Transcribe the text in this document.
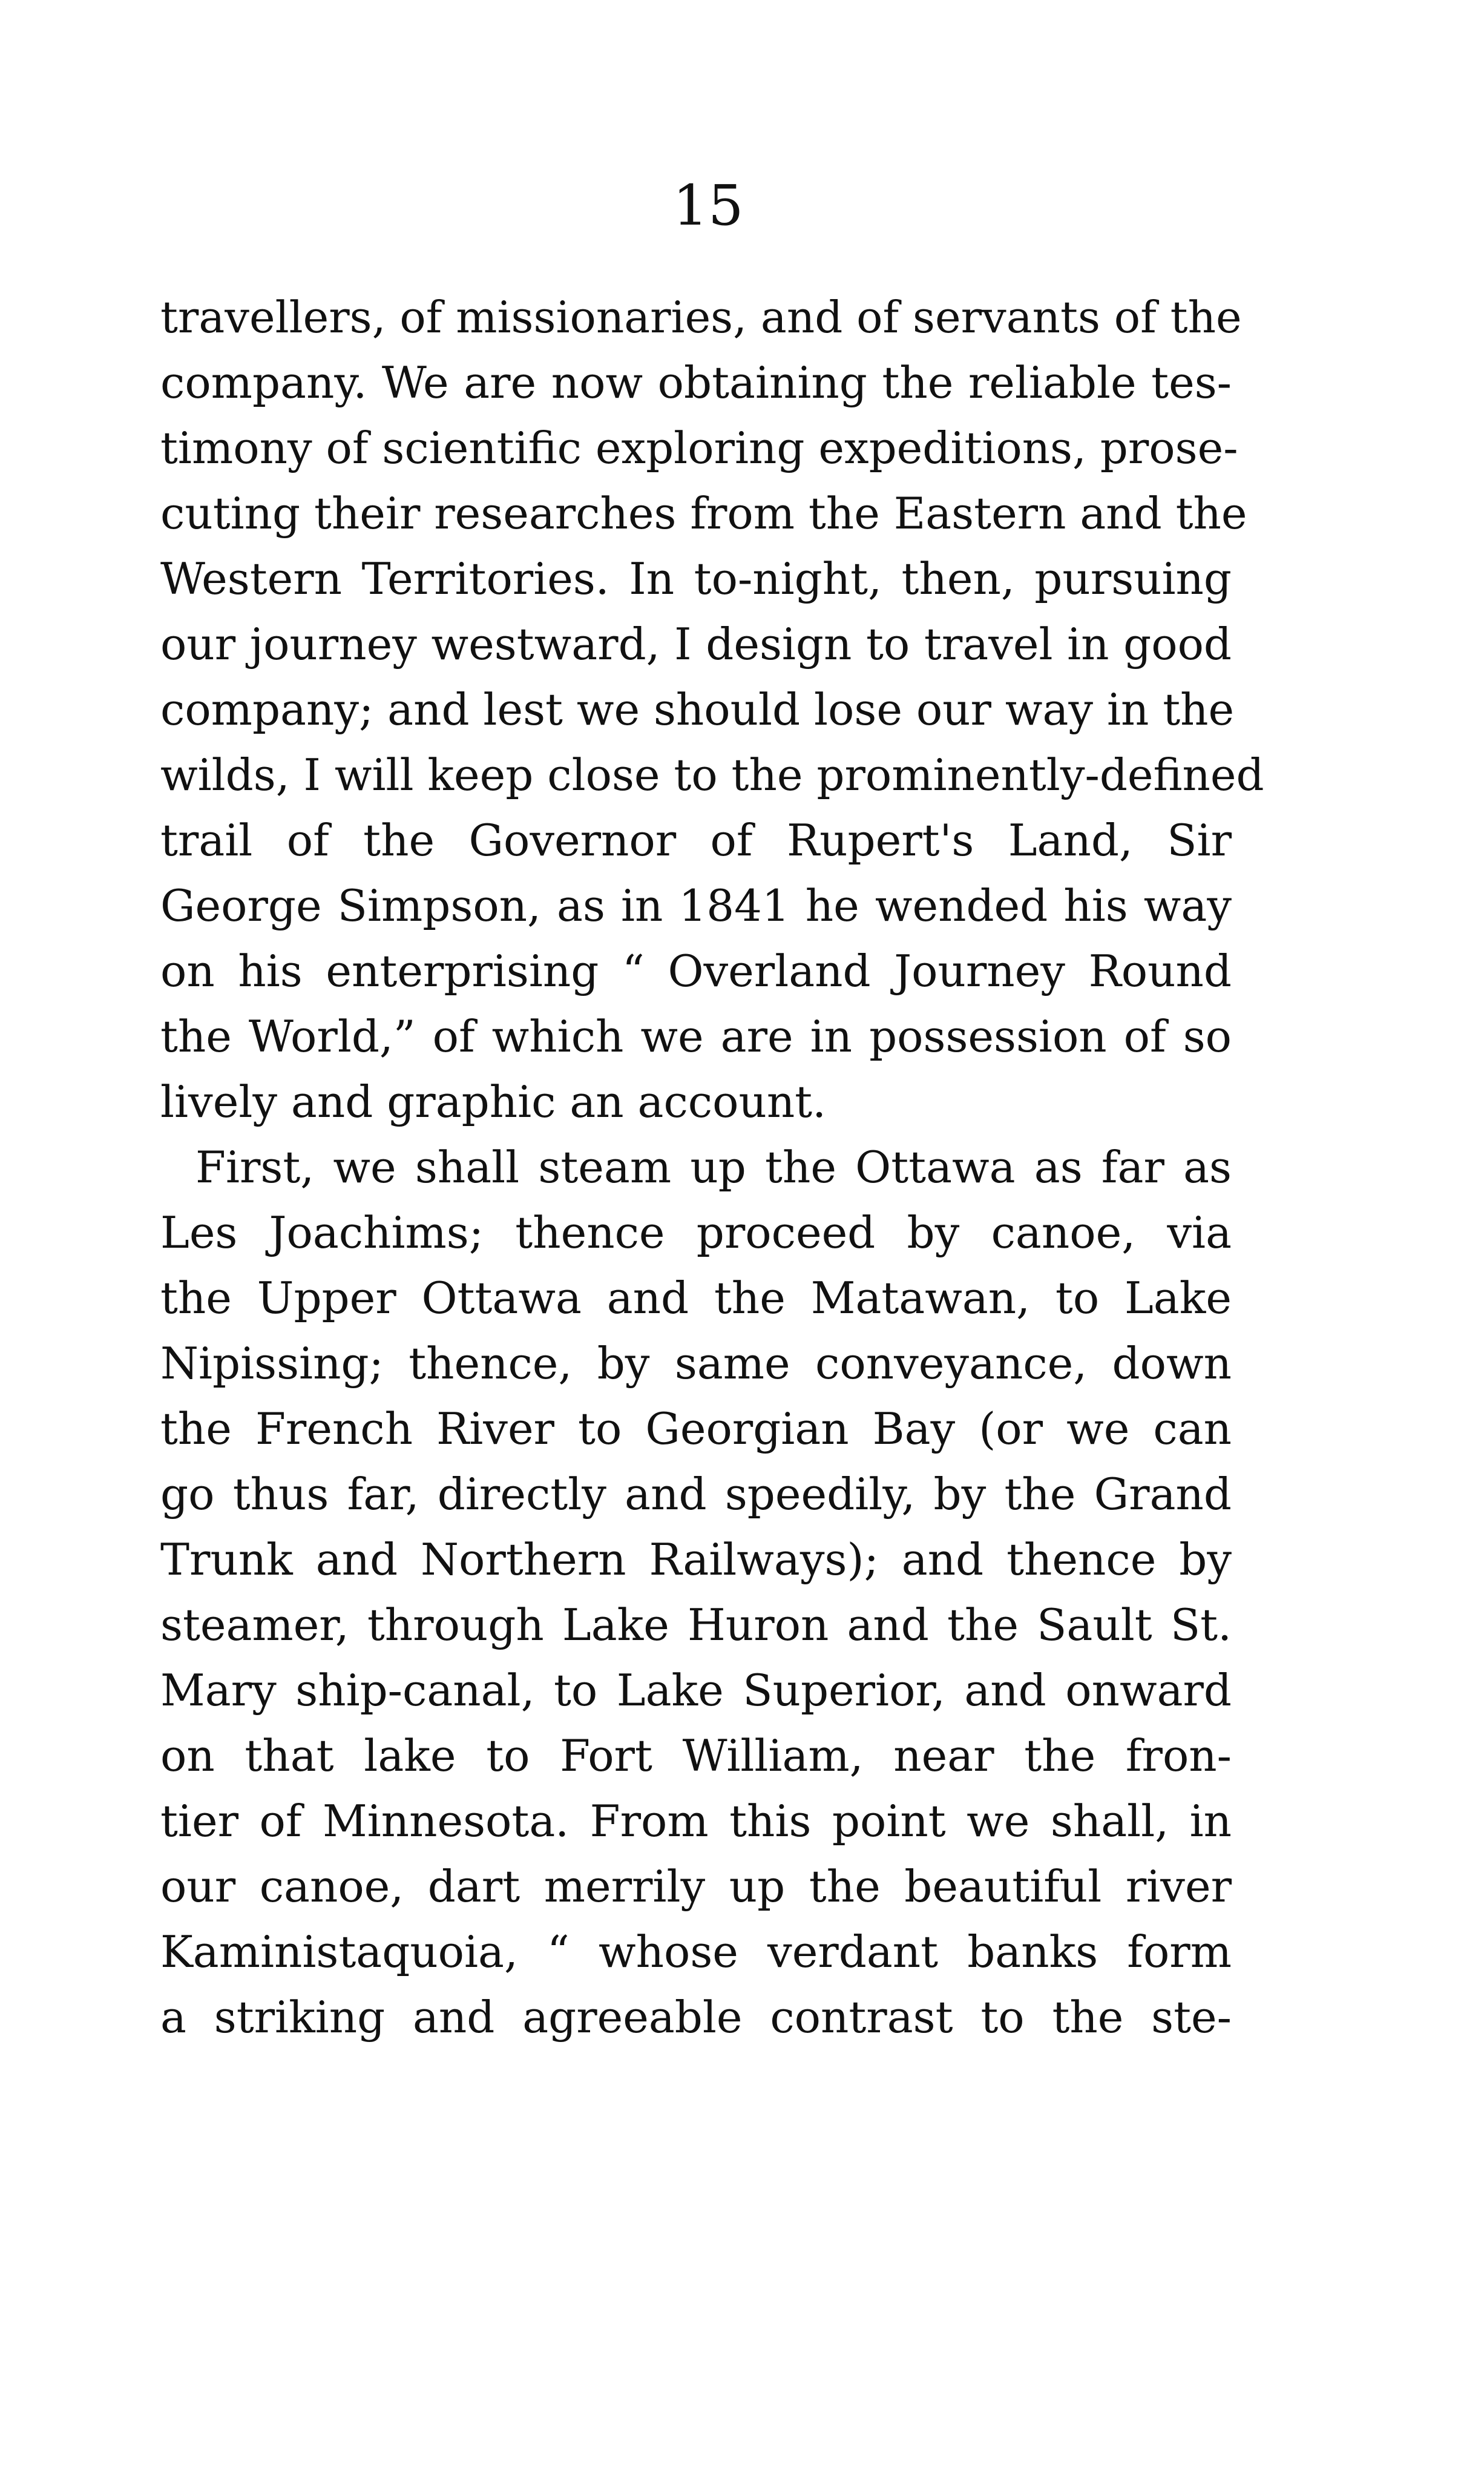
15
travellers, of missionaries, and of servants of the
company. We are now obtaining the reliable tes-
timony of scientific exploring expeditions, prose-
cuting their researches from the Eastern and the
Western Territories. In to-night, then, pursuing
our journey westward, I design to travel in good
company; and lest we should lose our way in the
wilds, I will keep close to the prominently-defined
trail of the Governor of Rupert's Land, Sir
George Simpson, as in 1841 he wended his way
on his enterprising “ Overland Journey Round
the World,” of which we are in possession of so
lively and graphic an account.
First, we shall steam up the Ottawa as far as
Les Joachims; thence proceed by canoe, via
the Upper Ottawa and the Matawan, to Lake
Nipissing; thence, by same conveyance, down
the French River to Georgian Bay (or we can
go thus far, directly and speedily, by the Grand
Trunk and Northern Railways); and thence by
steamer, through Lake Huron and the Sault St.
Mary ship-canal, to Lake Superior, and onward
on that lake to Fort William, near the fron-
tier of Minnesota. From this point we shall, in
our canoe, dart merrily up the beautiful river
Kaministaquoia, “ whose verdant banks form
a striking and agreeable contrast to the ste-
